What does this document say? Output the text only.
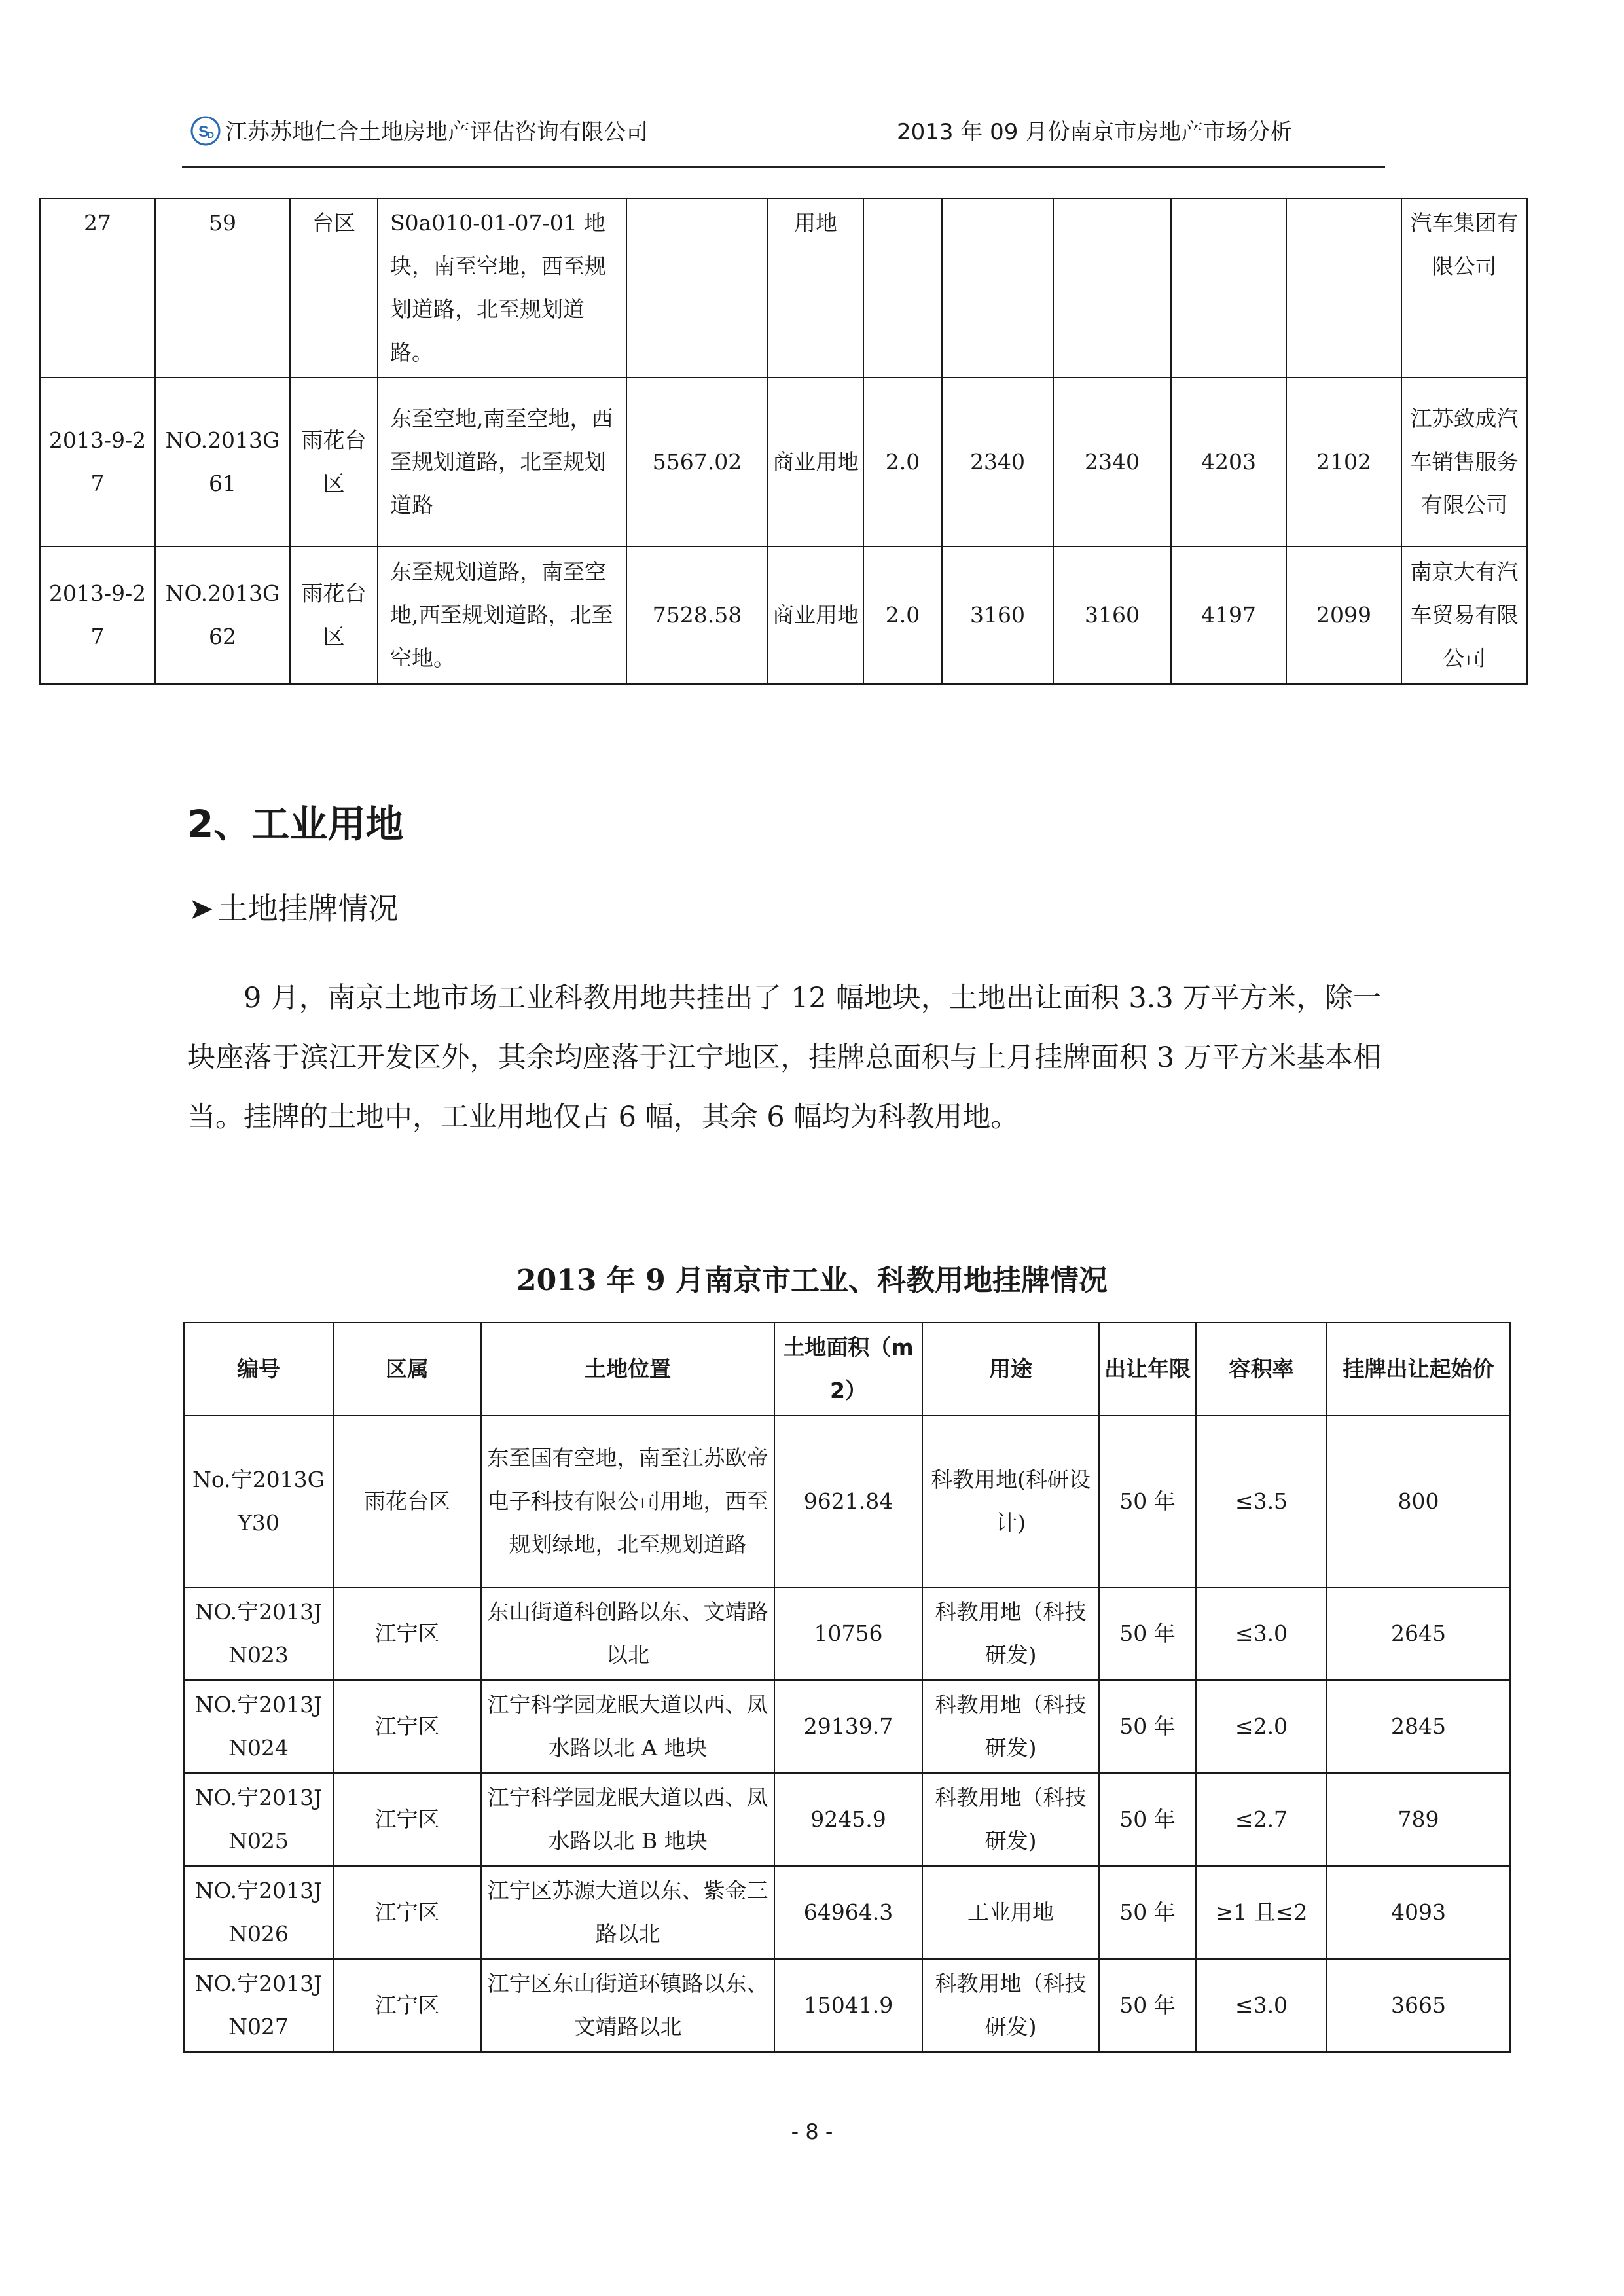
S
D 江苏苏地仁合土地房地产评估咨询有限公司	2013 年 09 月份南京市房地产市场分析
27	59	台区	S0a010-01-07-01 地块，南至空地，西至规划道路，北至规划道路。		用地						汽车集团有限公司
2013-9-27	NO.2013G61	雨花台区	东至空地,南至空地，西至规划道路，北至规划道路	5567.02	商业用地	2.0	2340	2340	4203	2102	江苏致成汽车销售服务有限公司
2013-9-27	NO.2013G62	雨花台区	东至规划道路，南至空地,西至规划道路，北至空地。	7528.58	商业用地	2.0	3160	3160	4197	2099	南京大有汽车贸易有限公司
2、工业用地
➤ 土地挂牌情况
9 月，南京土地市场工业科教用地共挂出了 12 幅地块，土地出让面积 3.3 万平方米，除一块座落于滨江开发区外，其余均座落于江宁地区，挂牌总面积与上月挂牌面积 3 万平方米基本相当。挂牌的土地中，工业用地仅占 6 幅，其余 6 幅均为科教用地。
2013 年 9 月南京市工业、科教用地挂牌情况
编号	区属	土地位置	土地面积（m2）	用途	出让年限	容积率	挂牌出让起始价
No.宁2013GY30	雨花台区	东至国有空地，南至江苏欧帝电子科技有限公司用地，西至规划绿地，北至规划道路	9621.84	科教用地(科研设计)	50 年	≤3.5	800
NO.宁2013JN023	江宁区	东山街道科创路以东、文靖路以北	10756	科教用地（科技研发)	50 年	≤3.0	2645
NO.宁2013JN024	江宁区	江宁科学园龙眠大道以西、凤水路以北 A 地块	29139.7	科教用地（科技研发)	50 年	≤2.0	2845
NO.宁2013JN025	江宁区	江宁科学园龙眠大道以西、凤水路以北 B 地块	9245.9	科教用地（科技研发)	50 年	≤2.7	789
NO.宁2013JN026	江宁区	江宁区苏源大道以东、紫金三路以北	64964.3	工业用地	50 年	≥1 且≤2	4093
NO.宁2013JN027	江宁区	江宁区东山街道环镇路以东、文靖路以北	15041.9	科教用地（科技研发)	50 年	≤3.0	3665
- 8 -
